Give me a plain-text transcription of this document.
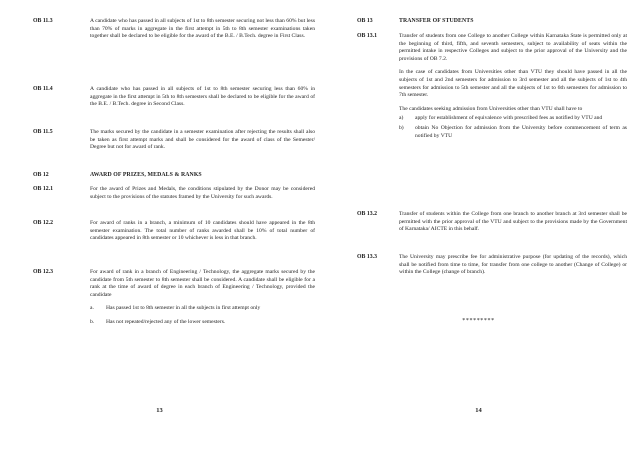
OB 11.3	A candidate who has passed in all subjects of 1st to 8th semester securing not less than 60% but less than 70% of marks in aggregate in the first attempt in 5th to 8th semester examinations taken together shall be declared to be eligible for the award of the B.E. / B.Tech. degree in First Class.
OB 11.4	A candidate who has passed in all subjects of 1st to 8th semester securing less than 60% in aggregate in the first attempt in 5th to 8th semesters shall be declared to be eligible for the award of the B.E. / B.Tech. degree in Second Class.
OB 11.5	The marks secured by the candidate in a semester examination after rejecting the results shall also be taken as first attempt marks and shall be considered for the award of class of the Semester/ Degree but not for award of rank.
OB 12	AWARD OF PRIZES, MEDALS & RANKS
OB 12.1	For the award of Prizes and Medals, the conditions stipulated by the Donor may be considered subject to the provisions of the statutes framed by the University for such awards.
OB 12.2	For award of ranks in a branch, a minimum of 10 candidates should have appeared in the 8th semester examination. The total number of ranks awarded shall be 10% of total number of candidates appeared in 8th semester or 10 whichever is less in that branch.
OB 12.3	For award of rank in a branch of Engineering / Technology, the aggregate marks secured by the candidate from 5th semester to 8th semester shall be considered. A candidate shall be eligible for a rank at the time of award of degree in each branch of Engineering / Technology, provided the candidate

a. Has passed 1st to 8th semester in all the subjects in first attempt only
b. Has not repeated/rejected any of the lower semesters.
13
OB 13	TRANSFER OF STUDENTS
OB 13.1	Transfer of students from one College to another College within Karnataka State is permitted only at the beginning of third, fifth, and seventh semesters, subject to availability of seats within the permitted intake in respective Colleges and subject to the prior approval of the University and the provisions of OB 7.2.

In the case of candidates from Universities other than VTU they should have passed in all the subjects of 1st and 2nd semesters for admission to 3rd semester and all the subjects of 1st to 4th semesters for admission to 5th semester and all the subjects of 1st to 6th semesters for admission to 7th semester.

The candidates seeking admission from Universities other than VTU shall have to

a) apply for establishment of equivalence with prescribed fees as notified by VTU and
b) obtain No Objection for admission from the University before commencement of term as notified by VTU
OB 13.2	Transfer of students within the College from one branch to another branch at 3rd semester shall be permitted with the prior approval of the VTU and subject to the provisions made by the Government of Karnataka/ AICTE in this behalf.
OB 13.3	The University may prescribe fee for administrative purpose (for updating of the records), which shall be notified from time to time, for transfer from one college to another (Change of College) or within the College (change of branch).
*********
14
